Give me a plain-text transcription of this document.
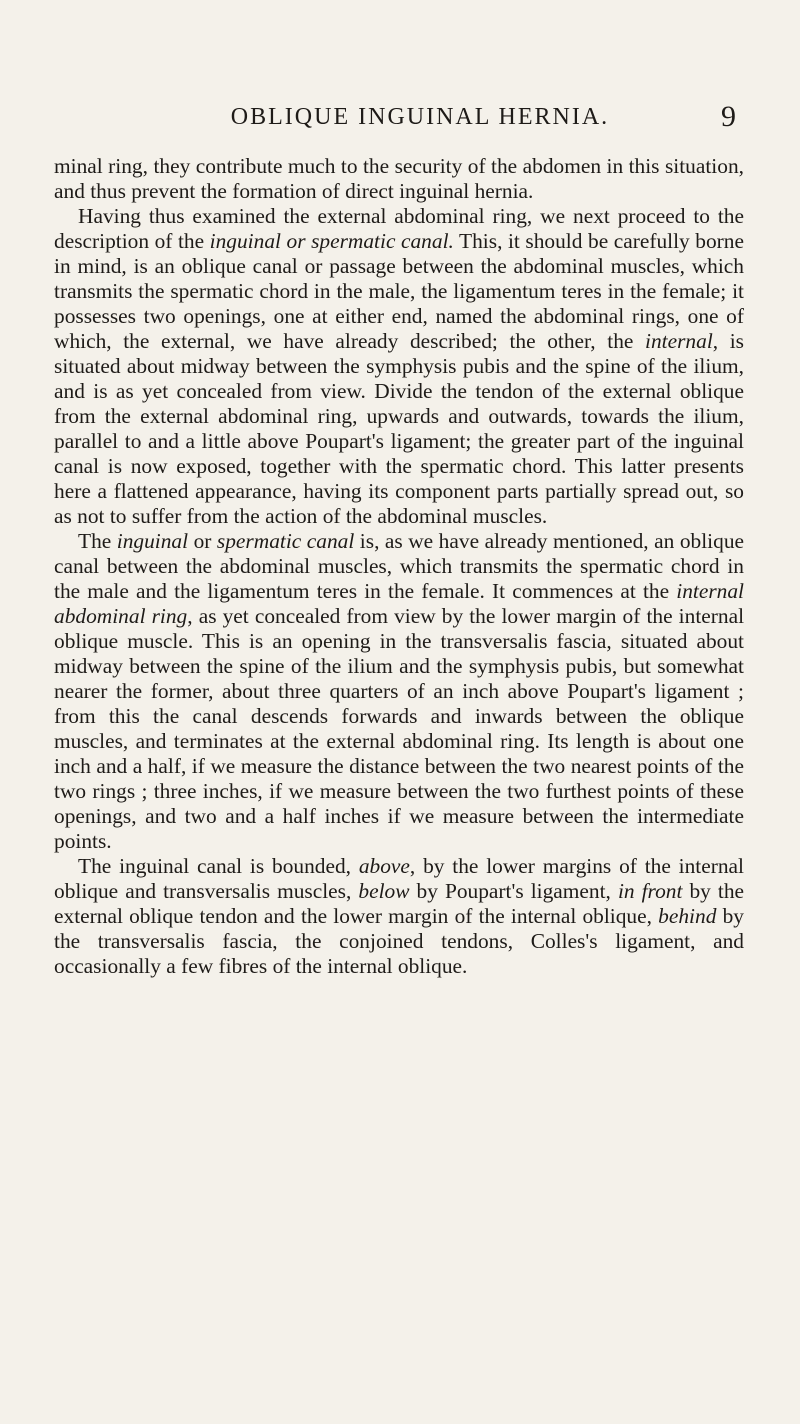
OBLIQUE INGUINAL HERNIA.	9

minal ring, they contribute much to the security of the abdomen in this situation, and thus prevent the formation of direct inguinal hernia.

Having thus examined the external abdominal ring, we next proceed to the description of the inguinal or spermatic canal. This, it should be carefully borne in mind, is an oblique canal or passage between the abdominal muscles, which transmits the spermatic chord in the male, the ligamentum teres in the female; it possesses two openings, one at either end, named the abdominal rings, one of which, the external, we have already described; the other, the internal, is situated about midway between the symphysis pubis and the spine of the ilium, and is as yet concealed from view. Divide the tendon of the external oblique from the external abdominal ring, upwards and outwards, towards the ilium, parallel to and a little above Poupart's ligament; the greater part of the inguinal canal is now exposed, together with the spermatic chord. This latter presents here a flattened appearance, having its component parts partially spread out, so as not to suffer from the action of the abdominal muscles.

The inguinal or spermatic canal is, as we have already mentioned, an oblique canal between the abdominal muscles, which transmits the spermatic chord in the male and the ligamentum teres in the female. It commences at the internal abdominal ring, as yet concealed from view by the lower margin of the internal oblique muscle. This is an opening in the transversalis fascia, situated about midway between the spine of the ilium and the symphysis pubis, but somewhat nearer the former, about three quarters of an inch above Poupart's ligament ; from this the canal descends forwards and inwards between the oblique muscles, and terminates at the external abdominal ring. Its length is about one inch and a half, if we measure the distance between the two nearest points of the two rings ; three inches, if we measure between the two furthest points of these openings, and two and a half inches if we measure between the intermediate points.

The inguinal canal is bounded, above, by the lower margins of the internal oblique and transversalis muscles, below by Poupart's ligament, in front by the external oblique tendon and the lower margin of the internal oblique, behind by the transversalis fascia, the conjoined tendons, Colles's ligament, and occasionally a few fibres of the internal oblique.
